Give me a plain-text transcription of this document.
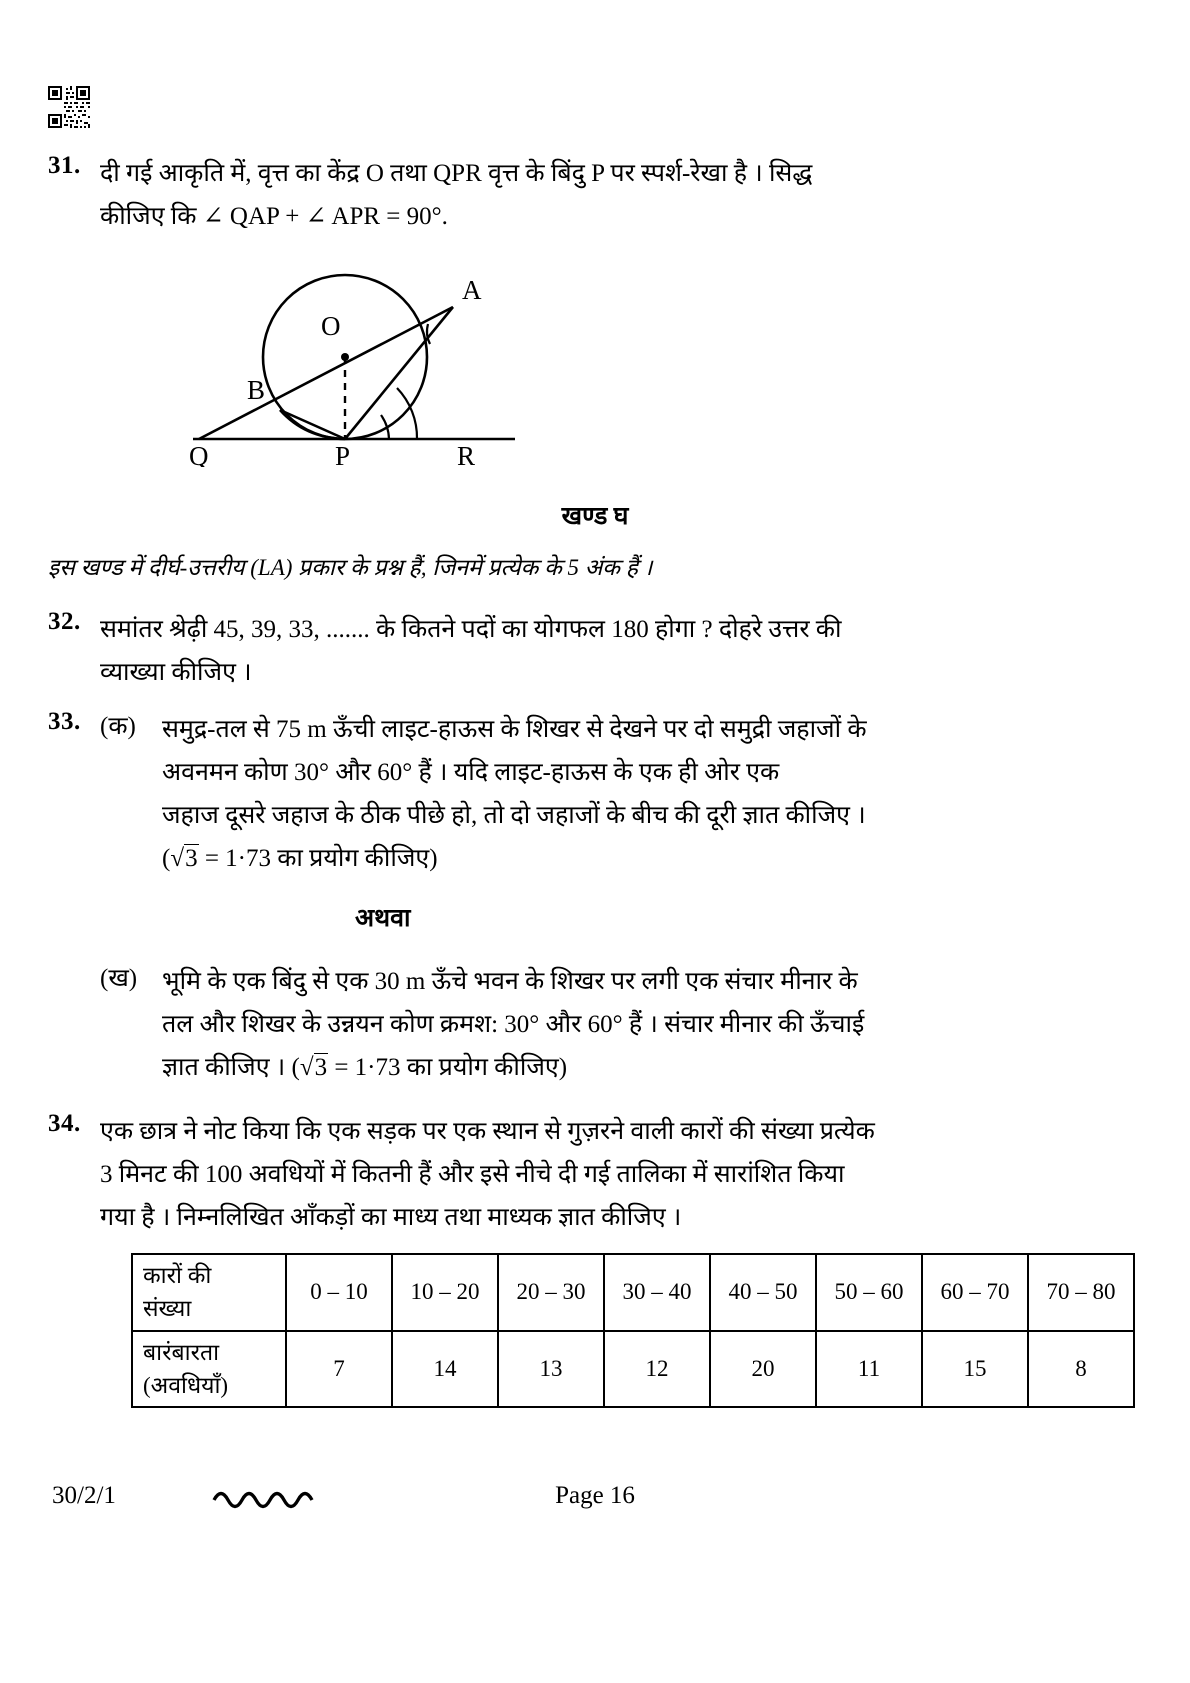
31. दी गई आकृति में, वृत्त का केंद्र O तथा QPR वृत्त के बिंदु P पर स्पर्श-रेखा है । सिद्ध
कीजिए कि ∠ QAP + ∠ APR = 90°.
A
O
B
Q	P	R
खण्ड घ
इस खण्ड में दीर्घ-उत्तरीय (LA) प्रकार के प्रश्न हैं, जिनमें प्रत्येक के 5 अंक हैं ।
32. समांतर श्रेढ़ी 45, 39, 33, ....... के कितने पदों का योगफल 180 होगा ? दोहरे उत्तर की
व्याख्या कीजिए ।
33. (क)	समुद्र-तल से 75 m ऊँची लाइट-हाऊस के शिखर से देखने पर दो समुद्री जहाजों के
अवनमन कोण 30° और 60° हैं । यदि लाइट-हाऊस के एक ही ओर एक
जहाज दूसरे जहाज के ठीक पीछे हो, तो दो जहाजों के बीच की दूरी ज्ञात कीजिए ।
(√3 = 1·73 का प्रयोग कीजिए)
अथवा
(ख) भूमि के एक बिंदु से एक 30 m ऊँचे भवन के शिखर पर लगी एक संचार मीनार के
तल और शिखर के उन्नयन कोण क्रमश: 30° और 60° हैं । संचार मीनार की ऊँचाई
ज्ञात कीजिए । (√3 = 1·73 का प्रयोग कीजिए)
34. एक छात्र ने नोट किया कि एक सड़क पर एक स्थान से गुज़रने वाली कारों की संख्या प्रत्येक
3 मिनट की 100 अवधियों में कितनी हैं और इसे नीचे दी गई तालिका में सारांशित किया
गया है । निम्नलिखित आँकड़ों का माध्य तथा माध्यक ज्ञात कीजिए ।
कारों की
संख्या	0 – 10	10 – 20	20 – 30	30 – 40	40 – 50	50 – 60	60 – 70	70 – 80

बारंबारता
(अवधियाँ)	7	14	13	12	20	11	15	8
30/2/1	Page 16
